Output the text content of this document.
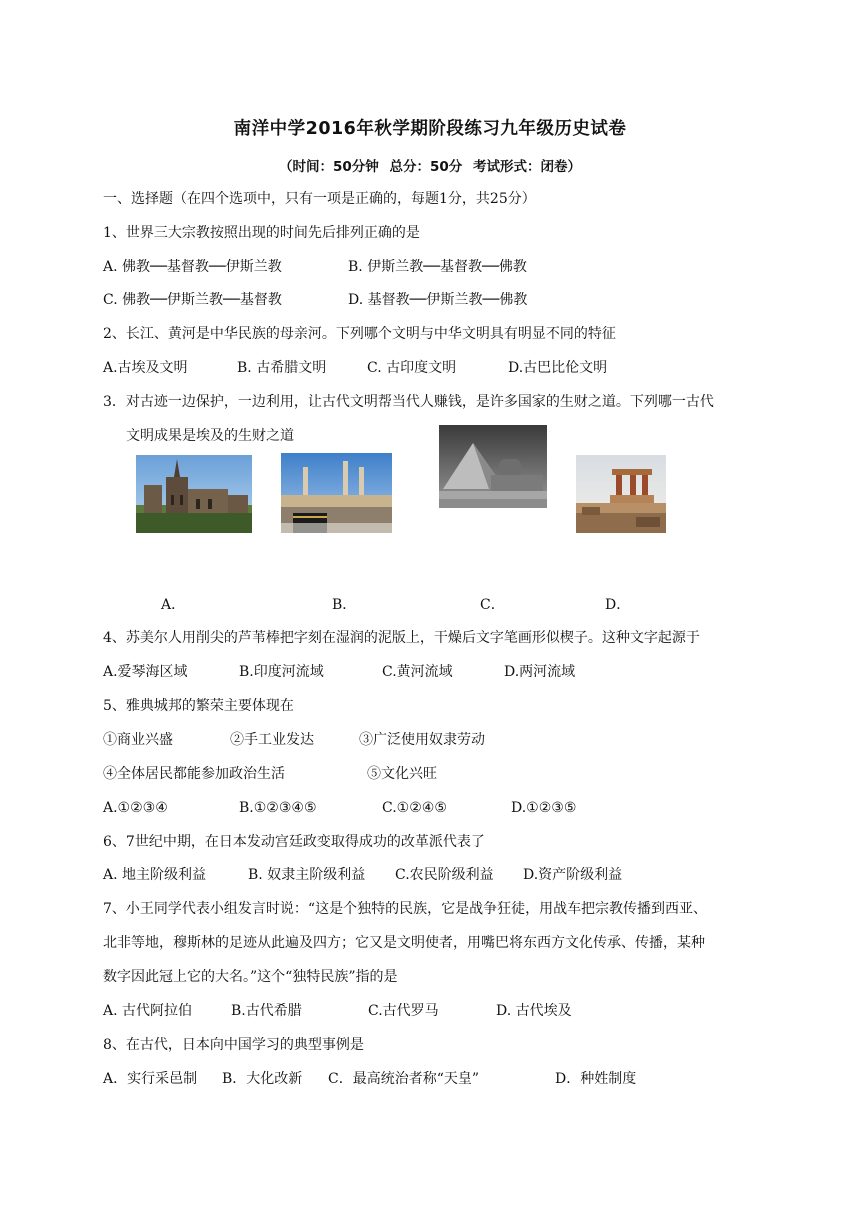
南洋中学2016年秋学期阶段练习九年级历史试卷
（时间：50分钟 总分：50分 考试形式：闭卷）
一、选择题（在四个选项中，只有一项是正确的，每题1分，共25分）
1、世界三大宗教按照出现的时间先后排列正确的是

A. 佛教──基督教──伊斯兰教

	B. 伊斯兰教──基督教──佛教

C. 佛教──伊斯兰教──基督教

	D. 基督教──伊斯兰教──佛教

2、长江、黄河是中华民族的母亲河。下列哪个文明与中华文明具有明显不同的特征

A.古埃及文明

	B. 古希腊文明

	C. 古印度文明

	D.古巴比伦文明

3．对古迹一边保护，一边利用，让古代文明帮当代人赚钱，是许多国家的生财之道。下列哪一古代
文明成果是埃及的生财之道
A．	B．	C．	D．
4、苏美尔人用削尖的芦苇棒把字刻在湿润的泥版上，干燥后文字笔画形似楔子。这种文字起源于

A.爱琴海区域

	B.印度河流域

	C.黄河流域

	D.两河流域

5、雅典城邦的繁荣主要体现在

①商业兴盛

	②手工业发达

	③广泛使用奴隶劳动

④全体居民都能参加政治生活

	⑤文化兴旺

A.①②③④

	B.①②③④⑤

	C.①②④⑤

	D.①②③⑤

6、7世纪中期，在日本发动宫廷政变取得成功的改革派代表了

A. 地主阶级利益

	B. 奴隶主阶级利益

C.农民阶级利益

D.资产阶级利益

7、小王同学代表小组发言时说：“这是个独特的民族，它是战争狂徒，用战车把宗教传播到西亚、
北非等地，穆斯林的足迹从此遍及四方；它又是文明使者，用嘴巴将东西方文化传承、传播，某种
数字因此冠上它的大名。”这个“独特民族”指的是

A. 古代阿拉伯

	B.古代希腊

	C.古代罗马

	D. 古代埃及

8、在古代，日本向中国学习的典型事例是

A．实行采邑制

B．大化改新

C．最高统治者称“天皇”

	D．种姓制度
